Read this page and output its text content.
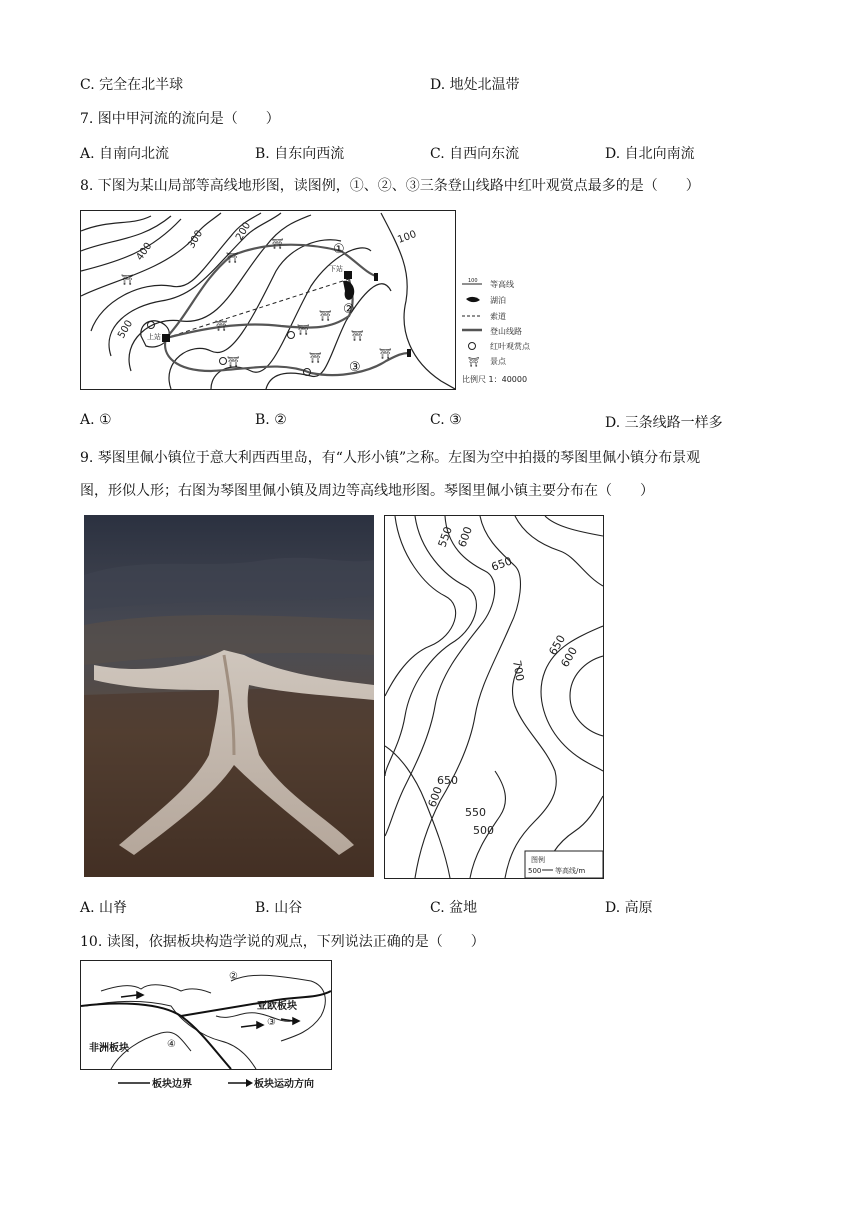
C. 完全在北半球	D. 地处北温带
7. 图中甲河流的流向是（　　）
A. 自南向北流	B. 自东向西流	C. 自西向东流	D. 自北向南流
8. 下图为某山局部等高线地形图，读图例，①、②、③三条登山线路中红叶观赏点最多的是（　　）
400
300	200	100
500 上站
下站
①
②
③
⛩
⛩
⛩
⛩
⛩
⛩
⛩
⛩
⛩
⛩
100 等高线
湖泊
索道
登山线路
红叶观赏点
⛩ 景点
比例尺 1：40000
A. ①	B. ②	C. ③	D. 三条线路一样多
9. 琴图里佩小镇位于意大利西西里岛，有“人形小镇”之称。左图为空中拍摄的琴图里佩小镇分布景观
图，形似人形；右图为琴图里佩小镇及周边等高线地形图。琴图里佩小镇主要分布在（　　）
550 600
650
650
600
700
650
600
550
500
图例
500 等高线/m
A. 山脊	B. 山谷	C. 盆地	D. 高原
10. 读图，依据板块构造学说的观点，下列说法正确的是（　　）
②
③
④
亚欧板块
非洲板块
板块边界	板块运动方向
